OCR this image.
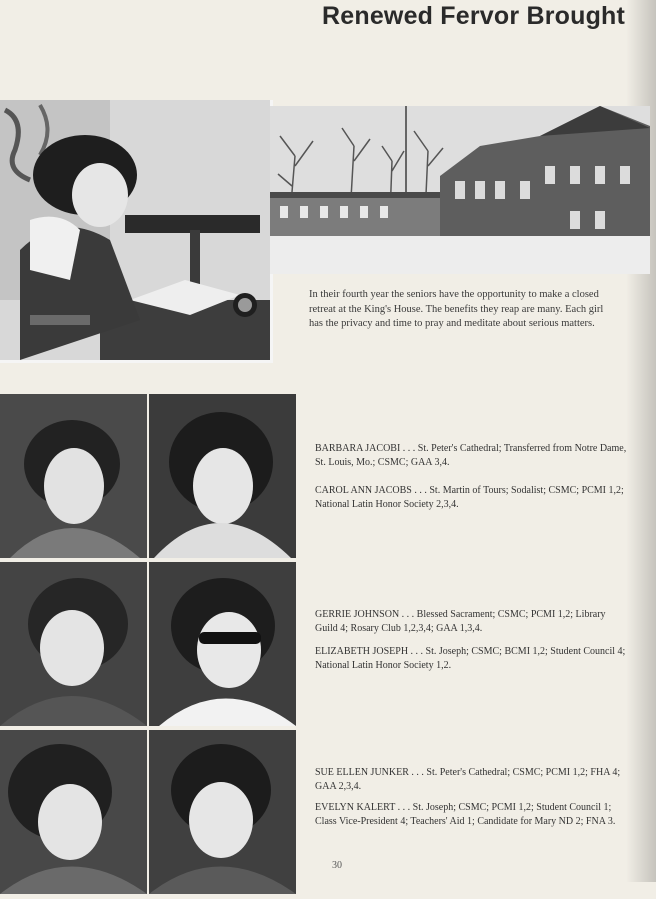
Renewed Fervor Brought
In their fourth year the seniors have the opportunity to make a closed retreat at the King's House. The benefits they reap are many. Each girl has the privacy and time to pray and meditate about serious matters.
BARBARA JACOBI . . . St. Peter's Cathedral; Transferred from Notre Dame, St. Louis, Mo.; CSMC; GAA 3,4.
CAROL ANN JACOBS . . . St. Martin of Tours; Sodalist; CSMC; PCMI 1,2; National Latin Honor Society 2,3,4.
GERRIE JOHNSON . . . Blessed Sacrament; CSMC; PCMI 1,2; Library Guild 4; Rosary Club 1,2,3,4; GAA 1,3,4.
ELIZABETH JOSEPH . . . St. Joseph; CSMC; BCMI 1,2; Student Council 4; National Latin Honor Society 1,2.
SUE ELLEN JUNKER . . . St. Peter's Cathedral; CSMC; PCMI 1,2; FHA 4; GAA 2,3,4.
EVELYN KALERT . . . St. Joseph; CSMC; PCMI 1,2; Student Council 1; Class Vice-President 4; Teachers' Aid 1; Candidate for Mary ND 2; FNA 3.
30
